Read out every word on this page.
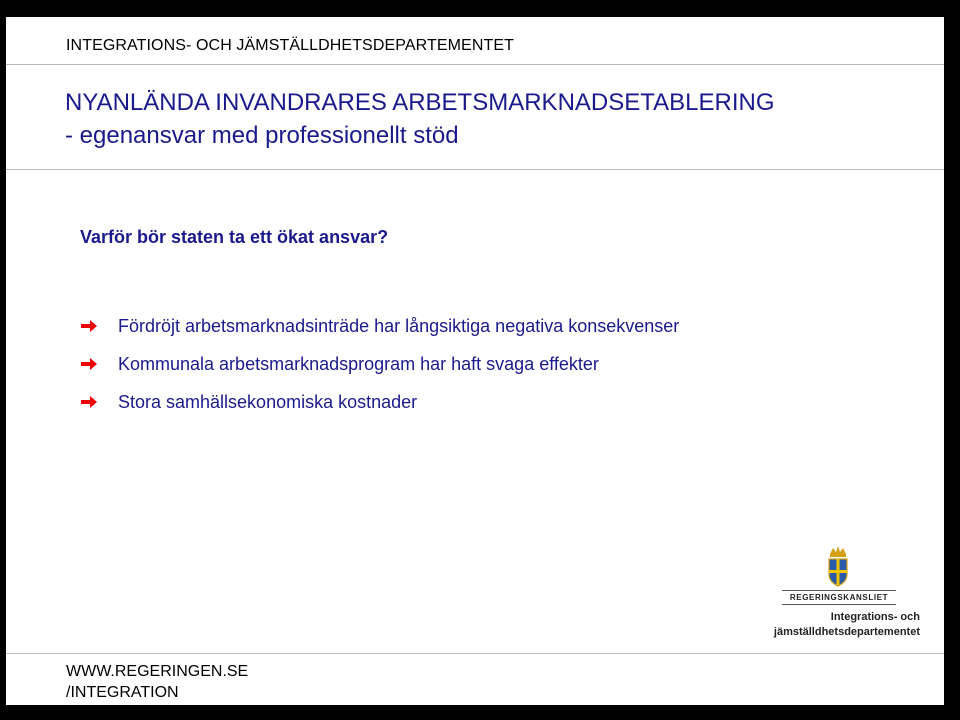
INTEGRATIONS- OCH JÄMSTÄLLDHETSDEPARTEMENTET
NYANLÄNDA INVANDRARES ARBETSMARKNADSETABLERING
- egenansvar med professionellt stöd
Varför bör staten ta ett ökat ansvar?
Fördröjt arbetsmarknadsinträde har långsiktiga negativa konsekvenser
Kommunala arbetsmarknadsprogram har haft svaga effekter
Stora samhällsekonomiska kostnader
REGERINGSKANSLIET
Integrations- och
jämställdhetsdepartementet
WWW.REGERINGEN.SE
/INTEGRATION
